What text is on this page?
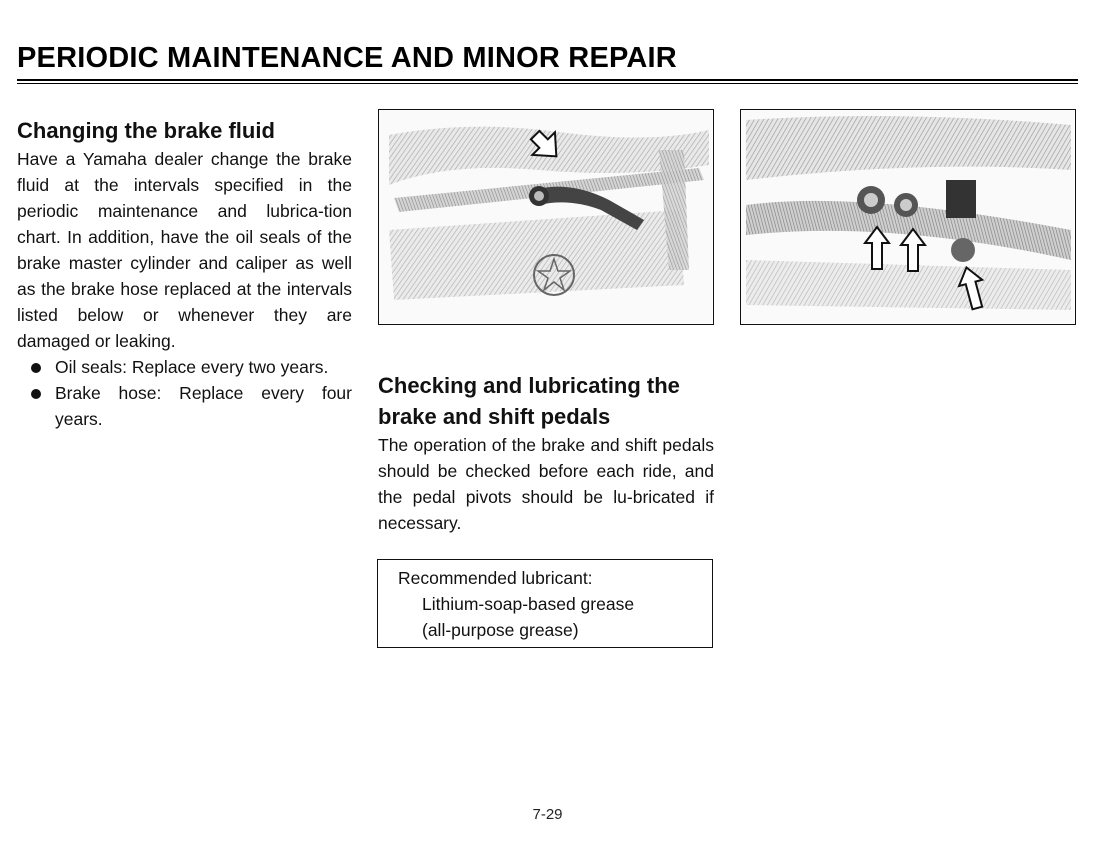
PERIODIC MAINTENANCE AND MINOR REPAIR
Changing the brake fluid

Have a Yamaha dealer change the brake fluid at the intervals specified in the periodic maintenance and lubrica-tion chart. In addition, have the oil seals of the brake master cylinder and caliper as well as the brake hose replaced at the intervals listed below or whenever they are damaged or leaking.

Oil seals: Replace every two years.
Brake hose: Replace every four years.
Checking and lubricating the
brake and shift pedals

The operation of the brake and shift pedals should be checked before each ride, and the pedal pivots should be lu-bricated if necessary.

Recommended lubricant:
Lithium-soap-based grease
(all-purpose grease)
7-29
